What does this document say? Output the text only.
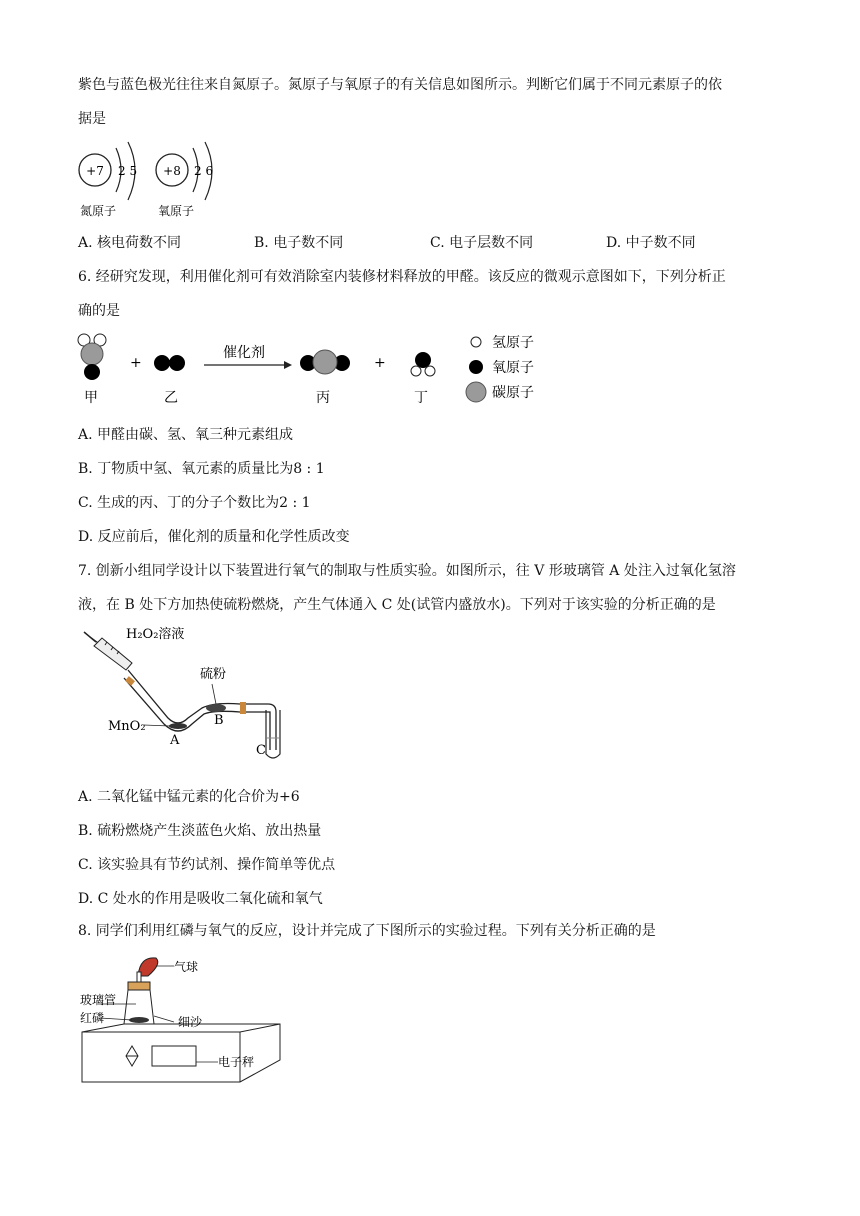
紫色与蓝色极光往往来自氮原子。氮原子与氧原子的有关信息如图所示。判断它们属于不同元素原子的依
据是
+7 2 5
氮原子
+8 2 6
氧原子
A. 核电荷数不同	B. 电子数不同	C. 电子层数不同	D. 中子数不同
6. 经研究发现，利用催化剂可有效消除室内装修材料释放的甲醛。该反应的微观示意图如下，下列分析正
确的是
+
催化剂
+
甲	乙	丙	丁
氢原子
氧原子
碳原子
A. 甲醛由碳、氢、氧三种元素组成
B. 丁物质中氢、氧元素的质量比为8 : 1
C. 生成的丙、丁的分子个数比为2 : 1
D. 反应前后，催化剂的质量和化学性质改变
7. 创新小组同学设计以下装置进行氧气的制取与性质实验。如图所示，往 V 形玻璃管 A 处注入过氧化氢溶
液，在 B 处下方加热使硫粉燃烧，产生气体通入 C 处(试管内盛放水)。下列对于该实验的分析正确的是
H₂O₂溶液
硫粉
MnO₂
A
B
C
A. 二氧化锰中锰元素的化合价为+6
B. 硫粉燃烧产生淡蓝色火焰、放出热量
C. 该实验具有节约试剂、操作简单等优点
D. C 处水的作用是吸收二氧化硫和氧气
8. 同学们利用红磷与氧气的反应，设计并完成了下图所示的实验过程。下列有关分析正确的是
气球
玻璃管
红磷	细沙
电子秤
